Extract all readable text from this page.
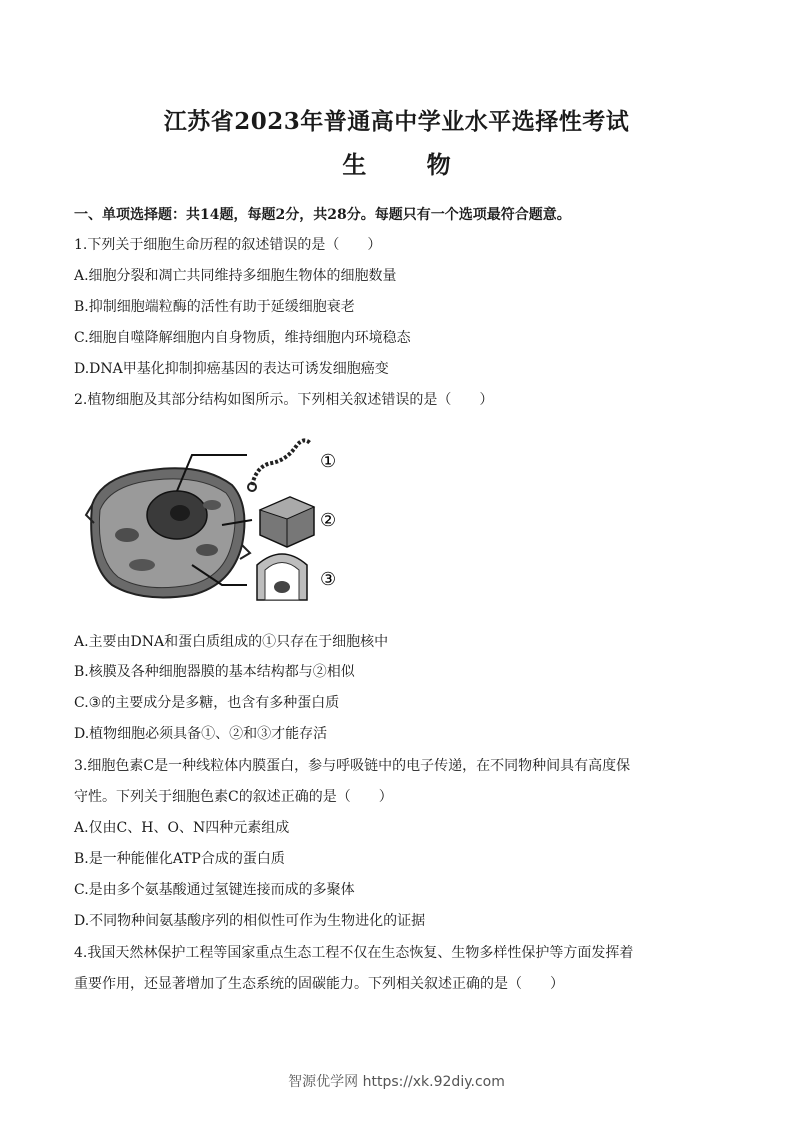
江苏省2023年普通高中学业水平选择性考试
生 物
一、单项选择题：共14题，每题2分，共28分。每题只有一个选项最符合题意。
1.下列关于细胞生命历程的叙述错误的是（　　）
A.细胞分裂和凋亡共同维持多细胞生物体的细胞数量
B.抑制细胞端粒酶的活性有助于延缓细胞衰老
C.细胞自噬降解细胞内自身物质，维持细胞内环境稳态
D.DNA甲基化抑制抑癌基因的表达可诱发细胞癌变
2.植物细胞及其部分结构如图所示。下列相关叙述错误的是（　　）
①
②
③
A.主要由DNA和蛋白质组成的①只存在于细胞核中
B.核膜及各种细胞器膜的基本结构都与②相似
C.③的主要成分是多糖，也含有多种蛋白质
D.植物细胞必须具备①、②和③才能存活
3.细胞色素C是一种线粒体内膜蛋白，参与呼吸链中的电子传递，在不同物种间具有高度保
守性。下列关于细胞色素C的叙述正确的是（　　）
A.仅由C、H、O、N四种元素组成
B.是一种能催化ATP合成的蛋白质
C.是由多个氨基酸通过氢键连接而成的多聚体
D.不同物种间氨基酸序列的相似性可作为生物进化的证据
4.我国天然林保护工程等国家重点生态工程不仅在生态恢复、生物多样性保护等方面发挥着
重要作用，还显著增加了生态系统的固碳能力。下列相关叙述正确的是（　　）
智源优学网 https://xk.92diy.com
